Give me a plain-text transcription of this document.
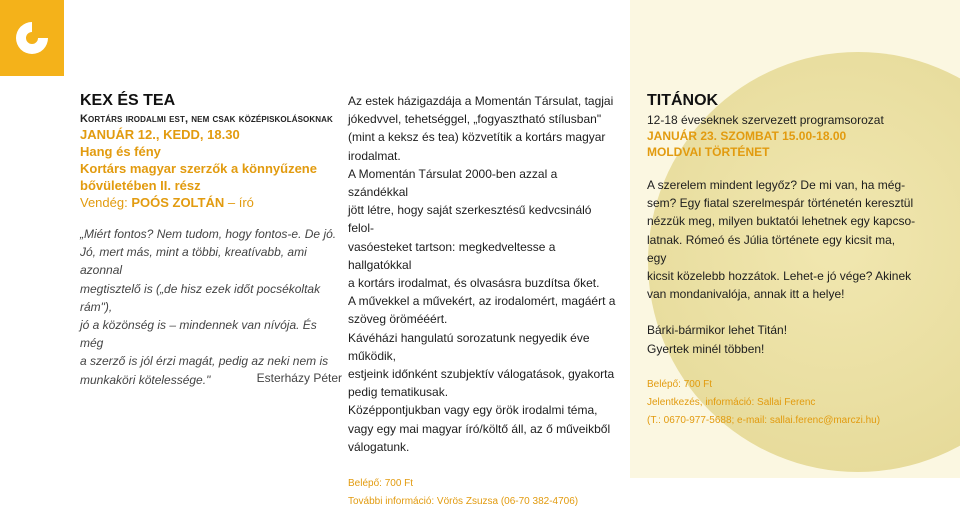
KEX ÉS TEA
Kortárs irodalmi est, nem csak középiskolásoknak
JANUÁR 12., KEDD, 18.30
Hang és fény
Kortárs magyar szerzők a könnyűzene
bővületében II. rész
Vendég: POÓS ZOLTÁN – író
„Miért fontos? Nem tudom, hogy fontos-e. De jó.
Jó, mert más, mint a többi, kreatívabb, ami azonnal
megtisztelő is („de hisz ezek időt pocsékoltak rám"),
jó a közönség is – mindennek van nívója. És még
a szerző is jól érzi magát, pedig az neki nem is
munkaköri kötelessége."	Esterházy Péter

Az estek házigazdája a Momentán Társulat, tagjai
jókedvvel, tehetséggel, „fogyasztható stílusban"
(mint a keksz és tea) közvetítik a kortárs magyar
irodalmat.

A Momentán Társulat 2000-ben azzal a szándékkal
jött létre, hogy saját szerkesztésű kedvcsináló felol-
vasóesteket tartson: megkedveltesse a hallgatókkal
a kortárs irodalmat, és olvasásra buzdítsa őket.

A művekkel a művekért, az irodalomért, magáért a
szöveg örömééért.

Kávéházi hangulatú sorozatunk negyedik éve működik,
estjeink időnként szubjektív válogatások, gyakorta
pedig tematikusak.

Középpontjukban vagy egy örök irodalmi téma,
vagy egy mai magyar író/költő áll, az ő műveikből
válogatunk.

Belépő: 700 Ft

További információ: Vörös Zsuzsa (06-70 382-4706)

TITÁNOK
12-18 éveseknek szervezett programsorozat
JANUÁR 23. SZOMBAT 15.00-18.00
MOLDVAI TÖRTÉNET

A szerelem mindent legyőz? De mi van, ha még-
sem? Egy fiatal szerelmespár történetén keresztül
nézzük meg, milyen buktatói lehetnek egy kapcso-
latnak. Rómeó és Júlia története egy kicsit ma, egy
kicsit közelebb hozzátok. Lehet-e jó vége? Akinek
van mondanivalója, annak itt a helye!

Bárki-bármikor lehet Titán!
Gyertek minél többen!

Belépő: 700 Ft

Jelentkezés, információ: Sallai Ferenc

(T.: 0670-977-5688; e-mail: sallai.ferenc@marczi.hu)
